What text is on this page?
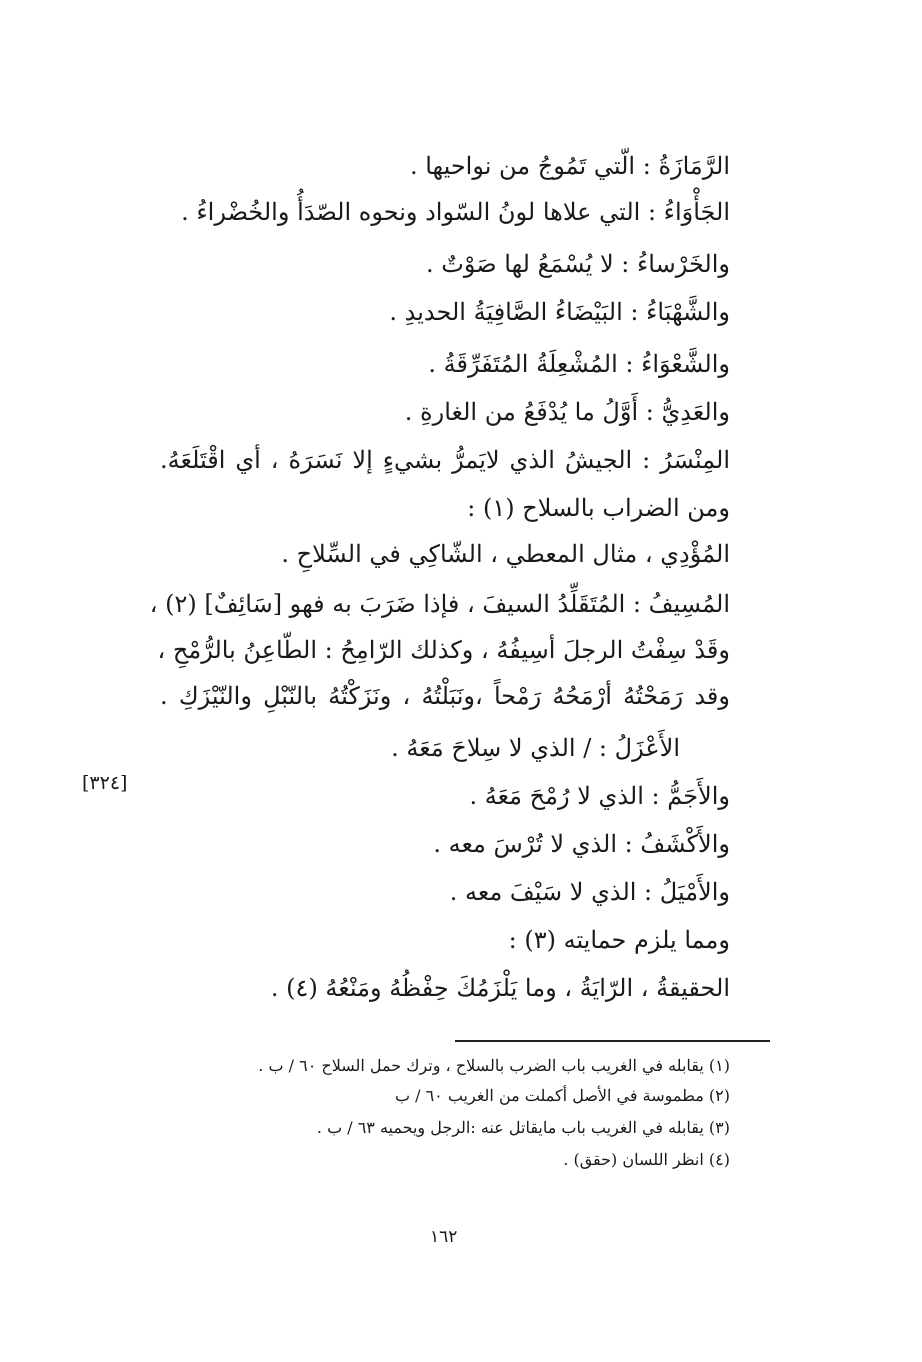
الرَّمَازَةُ : الّتي تَمُوجُ من نواحيها .
الجَأْوَاءُ : التي علاها لونُ السّواد ونحوه الصّدَأُ والخُضْراءُ .
والخَرْساءُ : لا يُسْمَعُ لها صَوْتٌ .
والشَّهْبَاءُ : البَيْضَاءُ الصَّافِيَةُ الحديدِ .
والشَّعْوَاءُ : المُشْعِلَةُ المُتَفَرِّقَةُ .
والعَدِيُّ : أَوَّلُ ما يُدْفَعُ من الغارةِ .
المِنْسَرُ : الجيشُ الذي لايَمرُّ بشيءٍ إلا نَسَرَهُ ، أي اقْتَلَعَهُ.
ومن الضراب بالسلاح (١) :
المُؤْدِي ، مثال المعطي ، الشّاكِي في السِّلاحِ .
المُسِيفُ : المُتَقَلِّدُ السيفَ ، فإذا ضَرَبَ به فهو [سَائِفٌ] (٢) ،
وقَدْ سِفْتُ الرجلَ أسِيفُهُ ، وكذلك الرّامِحُ : الطّاعِنُ بالرُّمْحِ ،
وقد رَمَحْتُهُ أرْمَحُهُ رَمْحاً ،ونَبَلْتُهُ ، ونَزَكْتُهُ بالنّبْلِ والنّيْزَكِ .
الأَعْزَلُ : / الذي لا سِلاحَ مَعَهُ .
[٣٢٤]	والأَجَمُّ : الذي لا رُمْحَ مَعَهُ .
والأَكْشَفُ : الذي لا تُرْسَ معه .
والأَمْيَلُ : الذي لا سَيْفَ معه .
ومما يلزم حمايته (٣) :
الحقيقةُ ، الرّايَةُ ، وما يَلْزَمُكَ حِفْظُهُ ومَنْعُهُ (٤) .
(١) يقابله في الغريب باب الضرب بالسلاح ، وترك حمل السلاح ٦٠ / ب .
(٢) مطموسة في الأصل أكملت من الغريب ٦٠ / ب
(٣) يقابله في الغريب باب مايقاتل عنه :الرجل ويحميه ٦٣ / ب .
(٤) انظر اللسان (حقق) .
١٦٢
